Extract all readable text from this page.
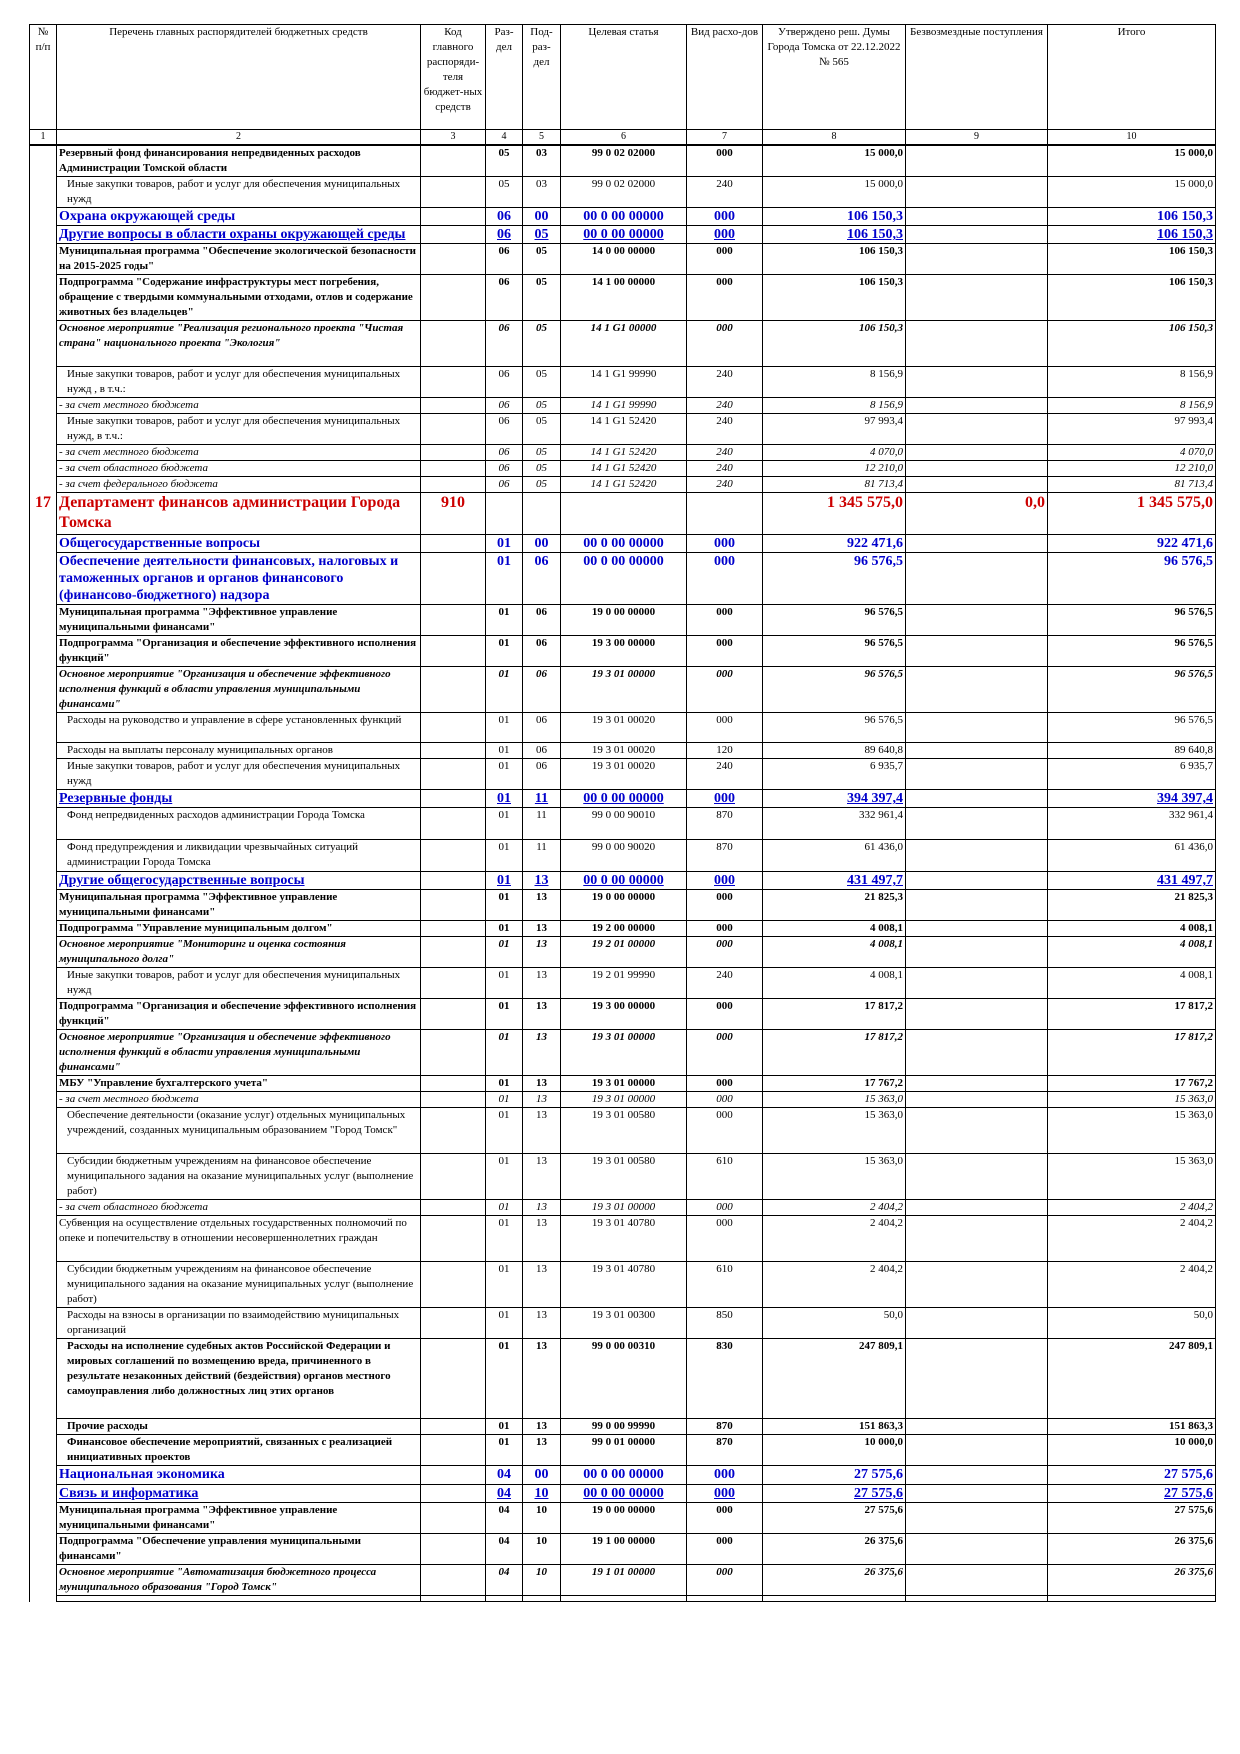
№ п/п	Перечень главных распорядителей бюджетных средств	Код главного распоряди-теля бюджет-ных средств	Раз-дел	Под-раз-дел	Целевая статья	Вид расхо-дов	Утверждено реш. Думы Города Томска от 22.12.2022 № 565	Безвозмездные поступления	Итого
1	2	3	4	5	6	7	8	9	10
	Резервный фонд финансирования непредвиденных расходов Администрации Томской области		05	03	99 0 02 02000	000	15 000,0		15 000,0
	Иные закупки товаров, работ и услуг для обеспечения муниципальных нужд		05	03	99 0 02 02000	240	15 000,0		15 000,0
	Охрана окружающей среды		06	00	00 0 00 00000	000	106 150,3		106 150,3
	Другие вопросы в области охраны окружающей среды		06	05	00 0 00 00000	000	106 150,3		106 150,3
	Муниципальная программа "Обеспечение экологической безопасности на 2015-2025 годы"		06	05	14 0 00 00000	000	106 150,3		106 150,3
	Подпрограмма "Содержание инфраструктуры мест погребения, обращение с твердыми коммунальными отходами, отлов и содержание животных без владельцев"		06	05	14 1 00 00000	000	106 150,3		106 150,3
	Основное мероприятие "Реализация регионального проекта "Чистая страна" национального проекта "Экология"		06	05	14 1 G1 00000	000	106 150,3		106 150,3
	Иные закупки товаров, работ и услуг для обеспечения муниципальных нужд , в т.ч.:		06	05	14 1 G1 99990	240	8 156,9		8 156,9
	- за счет местного бюджета		06	05	14 1 G1 99990	240	8 156,9		8 156,9
	Иные закупки товаров, работ и услуг для обеспечения муниципальных нужд, в т.ч.:		06	05	14 1 G1 52420	240	97 993,4		97 993,4
	- за счет местного бюджета		06	05	14 1 G1 52420	240	4 070,0		4 070,0
	- за счет областного бюджета		06	05	14 1 G1 52420	240	12 210,0		12 210,0
	- за счет федерального бюджета		06	05	14 1 G1 52420	240	81 713,4		81 713,4
17	Департамент финансов администрации Города Томска	910					1 345 575,0	0,0	1 345 575,0
	Общегосударственные вопросы		01	00	00 0 00 00000	000	922 471,6		922 471,6
	Обеспечение деятельности финансовых, налоговых и таможенных органов и органов финансового (финансово-бюджетного) надзора		01	06	00 0 00 00000	000	96 576,5		96 576,5
	Муниципальная программа "Эффективное управление муниципальными финансами"		01	06	19 0 00 00000	000	96 576,5		96 576,5
	Подпрограмма "Организация и обеспечение эффективного исполнения функций"		01	06	19 3 00 00000	000	96 576,5		96 576,5
	Основное мероприятие "Организация и обеспечение эффективного исполнения функций в области управления муниципальными финансами"		01	06	19 3 01 00000	000	96 576,5		96 576,5
	Расходы на руководство и управление в сфере установленных функций		01	06	19 3 01 00020	000	96 576,5		96 576,5
	Расходы на выплаты персоналу муниципальных органов		01	06	19 3 01 00020	120	89 640,8		89 640,8
	Иные закупки товаров, работ и услуг для обеспечения муниципальных нужд		01	06	19 3 01 00020	240	6 935,7		6 935,7
	Резервные фонды		01	11	00 0 00 00000	000	394 397,4		394 397,4
	Фонд непредвиденных расходов администрации Города Томска		01	11	99 0 00 90010	870	332 961,4		332 961,4
	Фонд предупреждения и ликвидации чрезвычайных ситуаций администрации Города Томска		01	11	99 0 00 90020	870	61 436,0		61 436,0
	Другие общегосударственные вопросы		01	13	00 0 00 00000	000	431 497,7		431 497,7
	Муниципальная программа "Эффективное управление муниципальными финансами"		01	13	19 0 00 00000	000	21 825,3		21 825,3
	Подпрограмма "Управление муниципальным долгом"		01	13	19 2 00 00000	000	4 008,1		4 008,1
	Основное мероприятие "Мониторинг и оценка состояния муниципального долга"		01	13	19 2 01 00000	000	4 008,1		4 008,1
	Иные закупки товаров, работ и услуг для обеспечения муниципальных нужд		01	13	19 2 01 99990	240	4 008,1		4 008,1
	Подпрограмма "Организация и обеспечение эффективного исполнения функций"		01	13	19 3 00 00000	000	17 817,2		17 817,2
	Основное мероприятие "Организация и обеспечение эффективного исполнения функций в области управления муниципальными финансами"		01	13	19 3 01 00000	000	17 817,2		17 817,2
	МБУ "Управление бухгалтерского учета"		01	13	19 3 01 00000	000	17 767,2		17 767,2
	- за счет местного бюджета		01	13	19 3 01 00000	000	15 363,0		15 363,0
	Обеспечение деятельности (оказание услуг) отдельных муниципальных учреждений, созданных муниципальным образованием "Город Томск"		01	13	19 3 01 00580	000	15 363,0		15 363,0
	Субсидии бюджетным учреждениям на финансовое обеспечение муниципального задания на оказание муниципальных услуг (выполнение работ)		01	13	19 3 01 00580	610	15 363,0		15 363,0
	- за счет областного бюджета		01	13	19 3 01 00000	000	2 404,2		2 404,2
	Субвенция на осуществление отдельных государственных полномочий по опеке и попечительству в отношении несовершеннолетних граждан		01	13	19 3 01 40780	000	2 404,2		2 404,2
	Субсидии бюджетным учреждениям на финансовое обеспечение муниципального задания на оказание муниципальных услуг (выполнение работ)		01	13	19 3 01 40780	610	2 404,2		2 404,2
	Расходы на взносы в организации по взаимодействию муниципальных организаций		01	13	19 3 01 00300	850	50,0		50,0
	Расходы на исполнение судебных актов Российской Федерации и мировых соглашений по возмещению вреда, причиненного в результате незаконных действий (бездействия) органов местного самоуправления либо должностных лиц этих органов		01	13	99 0 00 00310	830	247 809,1		247 809,1
	Прочие расходы		01	13	99 0 00 99990	870	151 863,3		151 863,3
	Финансовое обеспечение мероприятий, связанных с реализацией инициативных проектов		01	13	99 0 01 00000	870	10 000,0		10 000,0
	Национальная экономика		04	00	00 0 00 00000	000	27 575,6		27 575,6
	Связь и информатика		04	10	00 0 00 00000	000	27 575,6		27 575,6
	Муниципальная программа "Эффективное управление муниципальными финансами"		04	10	19 0 00 00000	000	27 575,6		27 575,6
	Подпрограмма "Обеспечение управления муниципальными финансами"		04	10	19 1 00 00000	000	26 375,6		26 375,6
	Основное мероприятие "Автоматизация бюджетного процесса муниципального образования "Город Томск"		04	10	19 1 01 00000	000	26 375,6		26 375,6
